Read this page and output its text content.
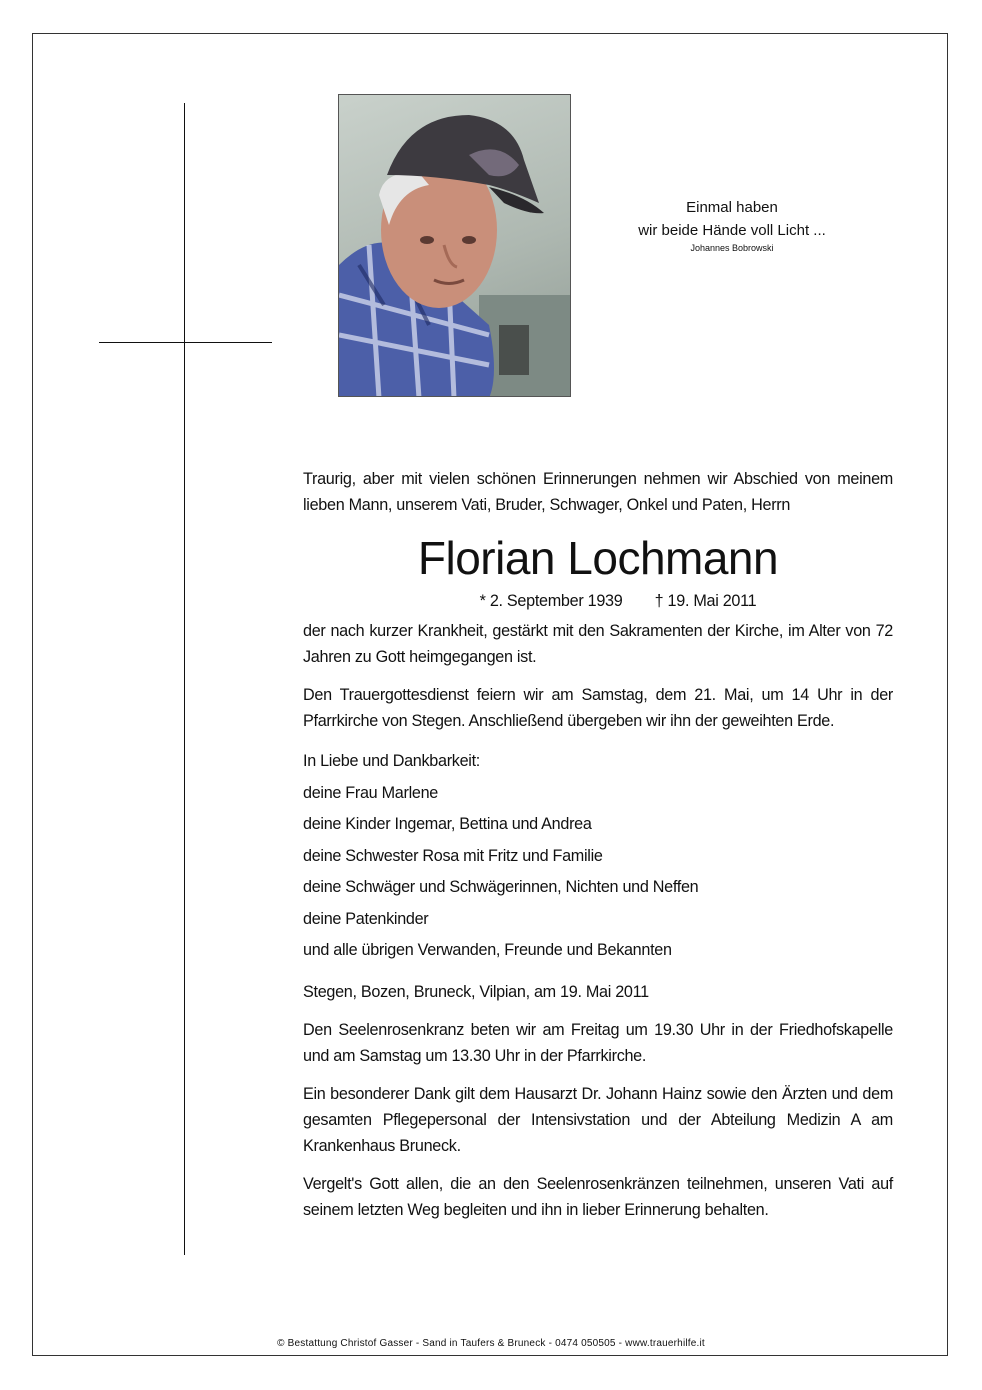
Einmal haben
wir beide Hände voll Licht ...
Johannes Bobrowski

Traurig, aber mit vielen schönen Erinnerungen nehmen wir Abschied von meinem lieben Mann, unserem Vati, Bruder, Schwager, Onkel und Paten, Herrn

Florian Lochmann
* 2. September 1939 † 19. Mai 2011

der nach kurzer Krankheit, gestärkt mit den Sakramenten der Kirche, im Alter von 72 Jahren zu Gott heimgegangen ist.

Den Trauergottesdienst feiern wir am Samstag, dem 21. Mai, um 14 Uhr in der Pfarrkirche von Stegen. Anschließend übergeben wir ihn der geweihten Erde.

In Liebe und Dankbarkeit:
deine Frau Marlene
deine Kinder Ingemar, Bettina und Andrea
deine Schwester Rosa mit Fritz und Familie
deine Schwäger und Schwägerinnen, Nichten und Neffen
deine Patenkinder
und alle übrigen Verwanden, Freunde und Bekannten

Stegen, Bozen, Bruneck, Vilpian, am 19. Mai 2011

Den Seelenrosenkranz beten wir am Freitag um 19.30 Uhr in der Friedhofskapelle und am Samstag um 13.30 Uhr in der Pfarrkirche.

Ein besonderer Dank gilt dem Hausarzt Dr. Johann Hainz sowie den Ärzten und dem gesamten Pflegepersonal der Intensivstation und der Abteilung Medizin A am Krankenhaus Bruneck.

Vergelt's Gott allen, die an den Seelenrosenkränzen teilnehmen, unseren Vati auf seinem letzten Weg begleiten und ihn in lieber Erinnerung behalten.

© Bestattung Christof Gasser - Sand in Taufers & Bruneck - 0474 050505 - www.trauerhilfe.it
